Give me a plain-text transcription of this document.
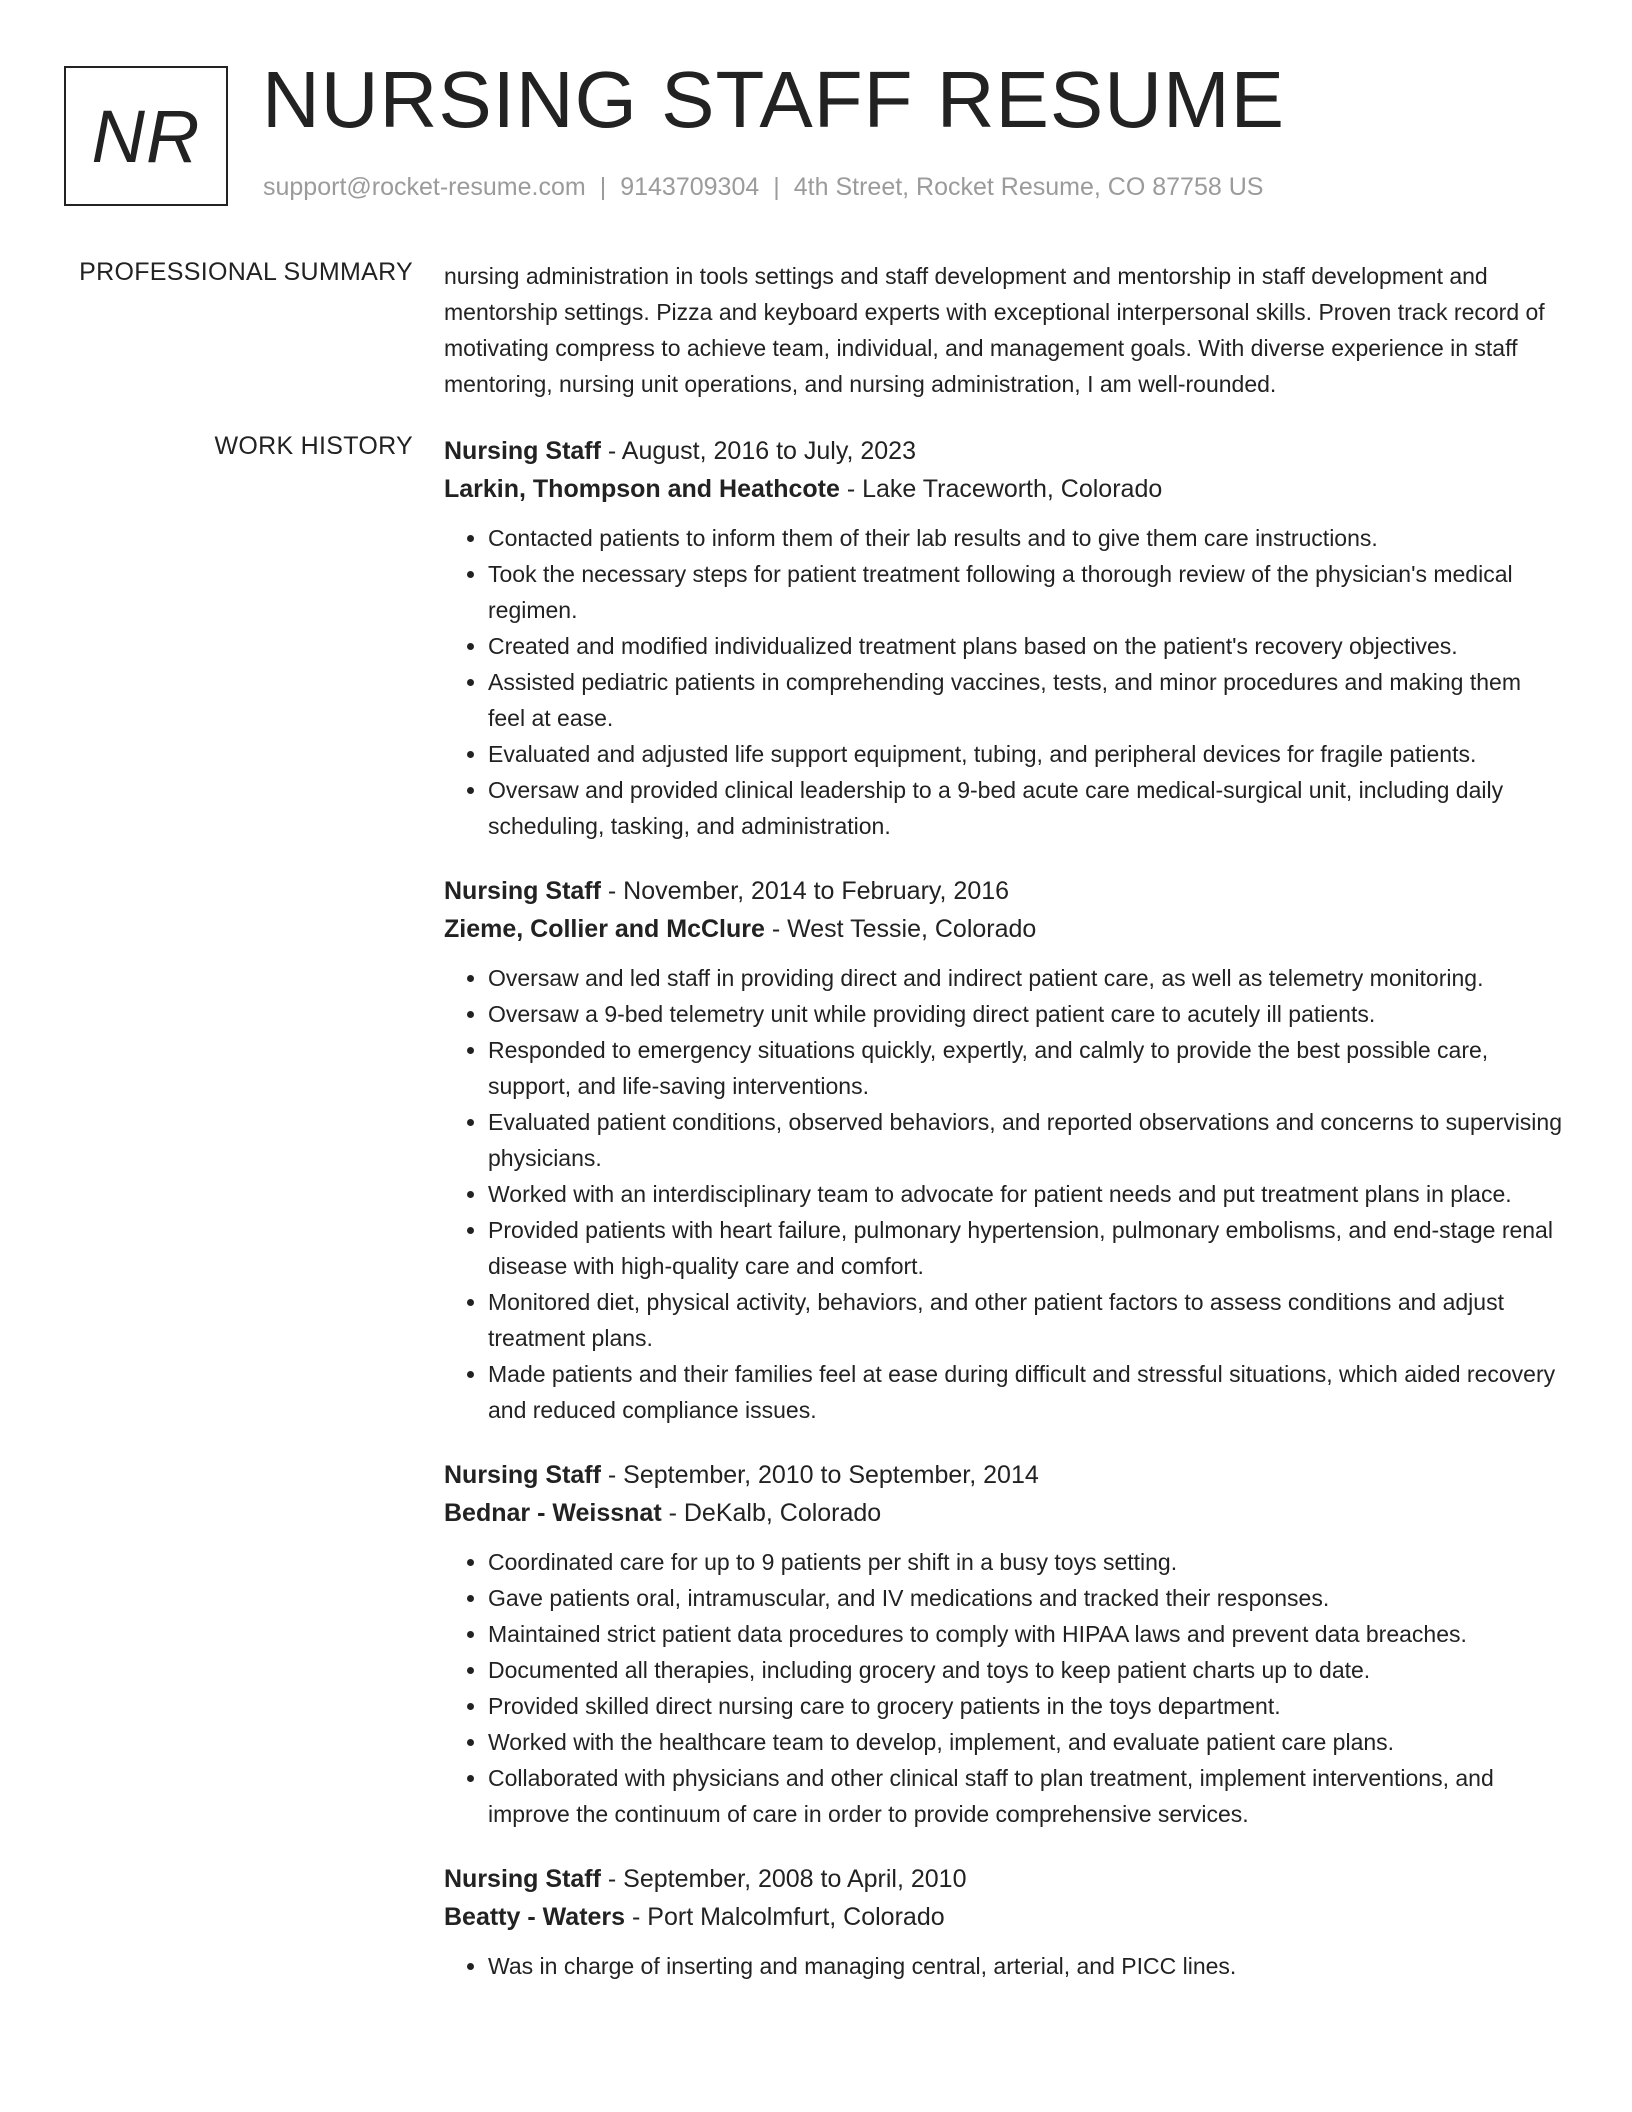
NR NURSING STAFF RESUME
support@rocket-resume.com | 9143709304 | 4th Street, Rocket Resume, CO 87758 US
PROFESSIONAL SUMMARY nursing administration in tools settings and staff development and mentorship in staff development and mentorship settings. Pizza and keyboard experts with exceptional interpersonal skills. Proven track record of motivating compress to achieve team, individual, and management goals. With diverse experience in staff mentoring, nursing unit operations, and nursing administration, I am well-rounded.

WORK HISTORY Nursing Staff - August, 2016 to July, 2023
Larkin, Thompson and Heathcote - Lake Traceworth, Colorado
• Contacted patients to inform them of their lab results and to give them care instructions.
• Took the necessary steps for patient treatment following a thorough review of the physician's medical regimen.
• Created and modified individualized treatment plans based on the patient's recovery objectives.
• Assisted pediatric patients in comprehending vaccines, tests, and minor procedures and making them feel at ease.
• Evaluated and adjusted life support equipment, tubing, and peripheral devices for fragile patients.
• Oversaw and provided clinical leadership to a 9-bed acute care medical-surgical unit, including daily scheduling, tasking, and administration.
Nursing Staff - November, 2014 to February, 2016
Zieme, Collier and McClure - West Tessie, Colorado
• Oversaw and led staff in providing direct and indirect patient care, as well as telemetry monitoring.
• Oversaw a 9-bed telemetry unit while providing direct patient care to acutely ill patients.
• Responded to emergency situations quickly, expertly, and calmly to provide the best possible care, support, and life-saving interventions.
• Evaluated patient conditions, observed behaviors, and reported observations and concerns to supervising physicians.
• Worked with an interdisciplinary team to advocate for patient needs and put treatment plans in place.
• Provided patients with heart failure, pulmonary hypertension, pulmonary embolisms, and end-stage renal disease with high-quality care and comfort.
• Monitored diet, physical activity, behaviors, and other patient factors to assess conditions and adjust treatment plans.
• Made patients and their families feel at ease during difficult and stressful situations, which aided recovery and reduced compliance issues.
Nursing Staff - September, 2010 to September, 2014
Bednar - Weissnat - DeKalb, Colorado
• Coordinated care for up to 9 patients per shift in a busy toys setting.
• Gave patients oral, intramuscular, and IV medications and tracked their responses.
• Maintained strict patient data procedures to comply with HIPAA laws and prevent data breaches.
• Documented all therapies, including grocery and toys to keep patient charts up to date.
• Provided skilled direct nursing care to grocery patients in the toys department.
• Worked with the healthcare team to develop, implement, and evaluate patient care plans.
• Collaborated with physicians and other clinical staff to plan treatment, implement interventions, and improve the continuum of care in order to provide comprehensive services.
Nursing Staff - September, 2008 to April, 2010
Beatty - Waters - Port Malcolmfurt, Colorado
• Was in charge of inserting and managing central, arterial, and PICC lines.
